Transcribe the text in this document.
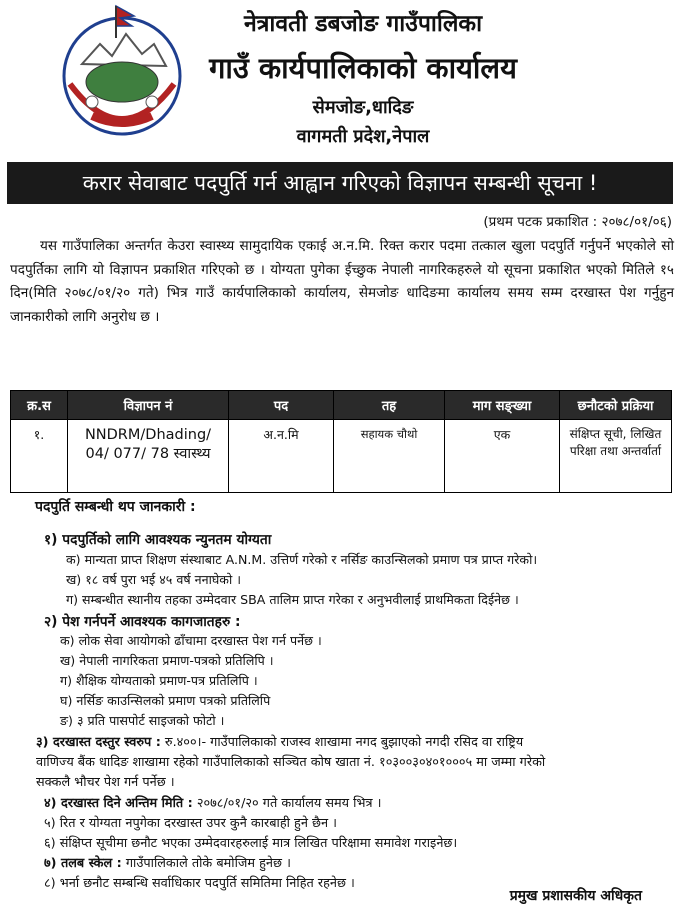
नेत्रावती डबजोङ गाउँपालिका
गाउँ कार्यपालिकाको कार्यालय
सेमजोङ,धादिङ
वागमती प्रदेश,नेपाल
करार सेवाबाट पदपुर्ति गर्न आह्वान गरिएको विज्ञापन सम्बन्धी सूचना !
(प्रथम पटक प्रकाशित : २०७८/०१/०६)
यस गाउँपालिका अन्तर्गत केउरा स्वास्थ्य सामुदायिक एकाई अ.न.मि. रिक्त करार पदमा तत्काल खुला पदपुर्ति गर्नुपर्ने भएकोले सो पदपुर्तिका लागि यो विज्ञापन प्रकाशित गरिएको छ । योग्यता पुगेका ईच्छुक नेपाली नागरिकहरुले यो सूचना प्रकाशित भएको मितिले १५ दिन(मिति २०७८/०१/२० गते) भित्र गाउँ कार्यपालिकाको कार्यालय, सेमजोङ धादिङमा कार्यालय समय सम्म दरखास्त पेश गर्नुहुन जानकारीको लागि अनुरोध छ ।
क्र.स	विज्ञापन नं	पद	तह	माग सङ्ख्या	छनौटको प्रक्रिया
१.	NNDRM/Dhading/ 04/ 077/ 78 स्वास्थ्य	अ.न.मि	सहायक चौथो	एक	संक्षिप्त सूची, लिखित परिक्षा तथा अन्तर्वार्ता
पदपुर्ति सम्बन्धी थप जानकारी :
१) पदपुर्तिको लागि आवश्यक न्युनतम योग्यता
क) मान्यता प्राप्त शिक्षण संस्थाबाट A.N.M. उत्तिर्ण गरेको र नर्सिङ काउन्सिलको प्रमाण पत्र प्राप्त गरेको।
ख) १८ वर्ष पुरा भई ४५ वर्ष ननाघेको ।
ग) सम्बन्धीत स्थानीय तहका उम्मेदवार SBA तालिम प्राप्त गरेका र अनुभवीलाई प्राथमिकता दिईनेछ ।
२) पेश गर्नपर्ने आवश्यक कागजातहरु :
क) लोक सेवा आयोगको ढाँचामा दरखास्त पेश गर्न पर्नेछ ।
ख) नेपाली नागरिकता प्रमाण-पत्रको प्रतिलिपि ।
ग) शैक्षिक योग्यताको प्रमाण-पत्र प्रतिलिपि ।
घ) नर्सिङ काउन्सिलको प्रमाण पत्रको प्रतिलिपि
ङ) ३ प्रति पासपोर्ट साइजको फोटो ।
३) दरखास्त दस्तुर स्वरुप : रु.४००।- गाउँपालिकाको राजस्व शाखामा नगद बुझाएको नगदी रसिद वा राष्ट्रिय
वाणिज्य बैंक धादिङ शाखामा रहेको गाउँपालिकाको सञ्चित कोष खाता नं. १०३००३०४०१०००५ मा जम्मा गरेको
सक्कलै भौचर पेश गर्न पर्नेछ ।
४) दरखास्त दिने अन्तिम मिति : २०७८/०१/२० गते कार्यालय समय भित्र ।
५) रित र योग्यता नपुगेका दरखास्त उपर कुनै कारबाही हुने छैन ।
६) संक्षिप्त सूचीमा छनौट भएका उम्मेदवारहरुलाई मात्र लिखित परिक्षामा समावेश गराइनेछ।
७) तलब स्केल : गाउँपालिकाले तोके बमोजिम हुनेछ ।
८) भर्ना छनौट सम्बन्धि सर्वाधिकार पदपुर्ति समितिमा निहित रहनेछ ।
प्रमुख प्रशासकीय अधिकृत
